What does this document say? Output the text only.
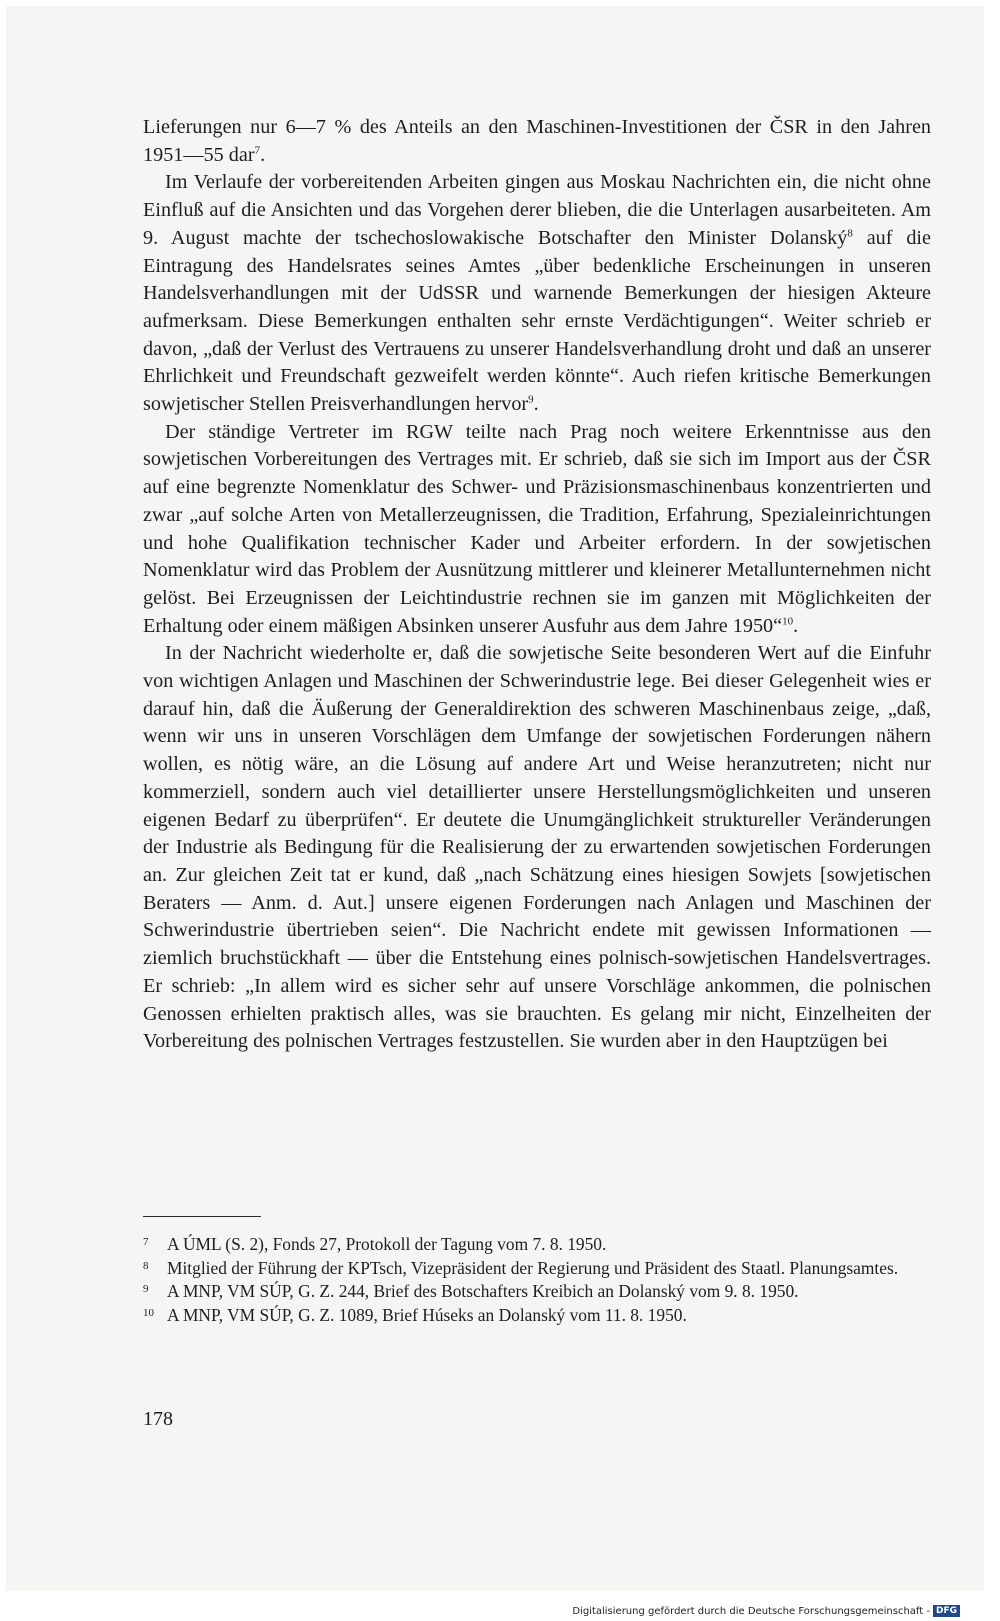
Lieferungen nur 6—7 % des Anteils an den Maschinen-Investitionen der ČSR in den Jahren 1951—55 dar$^7$.

Im Verlaufe der vorbereitenden Arbeiten gingen aus Moskau Nachrichten ein, die nicht ohne Einfluß auf die Ansichten und das Vorgehen derer blieben, die die Unterlagen ausarbeiteten. Am 9. August machte der tschechoslowakische Botschafter den Minister Dolanský$^8$ auf die Eintragung des Handelsrates seines Amtes „über bedenkliche Erscheinungen in unseren Handelsverhandlungen mit der UdSSR und warnende Bemerkungen der hiesigen Akteure aufmerksam. Diese Bemerkungen enthalten sehr ernste Verdächtigungen“. Weiter schrieb er davon, „daß der Verlust des Vertrauens zu unserer Handelsverhandlung droht und daß an unserer Ehrlichkeit und Freundschaft gezweifelt werden könnte“. Auch riefen kritische Bemerkungen sowjetischer Stellen Preisverhandlungen hervor$^9$.

Der ständige Vertreter im RGW teilte nach Prag noch weitere Erkenntnisse aus den sowjetischen Vorbereitungen des Vertrages mit. Er schrieb, daß sie sich im Import aus der ČSR auf eine begrenzte Nomenklatur des Schwer- und Präzisionsmaschinenbaus konzentrierten und zwar „auf solche Arten von Metallerzeugnissen, die Tradition, Erfahrung, Spezialeinrichtungen und hohe Qualifikation technischer Kader und Arbeiter erfordern. In der sowjetischen Nomenklatur wird das Problem der Ausnützung mittlerer und kleinerer Metallunternehmen nicht gelöst. Bei Erzeugnissen der Leichtindustrie rechnen sie im ganzen mit Möglichkeiten der Erhaltung oder einem mäßigen Absinken unserer Ausfuhr aus dem Jahre 1950“$^{10}$.

In der Nachricht wiederholte er, daß die sowjetische Seite besonderen Wert auf die Einfuhr von wichtigen Anlagen und Maschinen der Schwerindustrie lege. Bei dieser Gelegenheit wies er darauf hin, daß die Äußerung der Generaldirektion des schweren Maschinenbaus zeige, „daß, wenn wir uns in unseren Vorschlägen dem Umfange der sowjetischen Forderungen nähern wollen, es nötig wäre, an die Lösung auf andere Art und Weise heranzutreten; nicht nur kommerziell, sondern auch viel detaillierter unsere Herstellungsmöglichkeiten und unseren eigenen Bedarf zu überprüfen“. Er deutete die Unumgänglichkeit struktureller Veränderungen der Industrie als Bedingung für die Realisierung der zu erwartenden sowjetischen Forderungen an. Zur gleichen Zeit tat er kund, daß „nach Schätzung eines hiesigen Sowjets [sowjetischen Beraters — Anm. d. Aut.] unsere eigenen Forderungen nach Anlagen und Maschinen der Schwerindustrie übertrieben seien“. Die Nachricht endete mit gewissen Informationen — ziemlich bruchstückhaft — über die Entstehung eines polnisch-sowjetischen Handelsvertrages. Er schrieb: „In allem wird es sicher sehr auf unsere Vorschläge ankommen, die polnischen Genossen erhielten praktisch alles, was sie brauchten. Es gelang mir nicht, Einzelheiten der Vorbereitung des polnischen Vertrages festzustellen. Sie wurden aber in den Hauptzügen bei

7	A ÚML (S. 2), Fonds 27, Protokoll der Tagung vom 7. 8. 1950.

8	Mitglied der Führung der KPTsch, Vizepräsident der Regierung und Präsident des Staatl. Planungsamtes.

9	A MNP, VM SÚP, G. Z. 244, Brief des Botschafters Kreibich an Dolanský vom 9. 8. 1950.

10 A MNP, VM SÚP, G. Z. 1089, Brief Húseks an Dolanský vom 11. 8. 1950.

178
Digitalisierung gefördert durch die Deutsche Forschungsgemeinschaft - DFG
